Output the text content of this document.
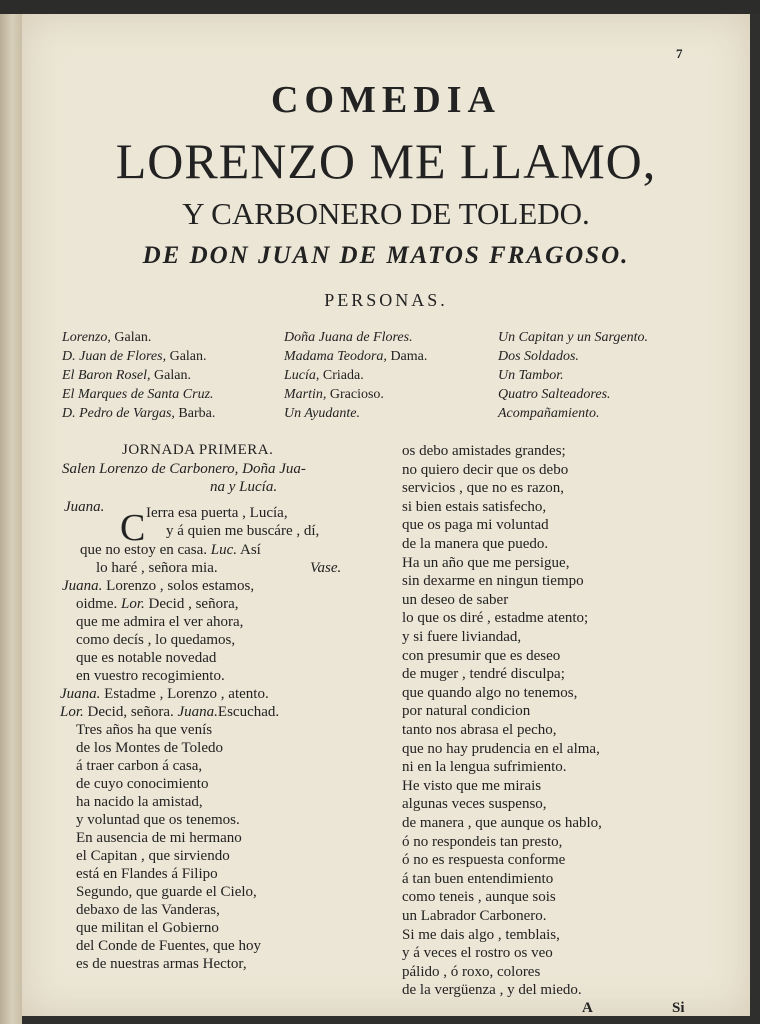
7
COMEDIA
LORENZO ME LLAMO,
Y CARBONERO DE TOLEDO.
DE DON JUAN DE MATOS FRAGOSO.
PERSONAS.
Lorenzo, Galan.
D. Juan de Flores, Galan.
El Baron Rosel, Galan.
El Marques de Santa Cruz.
D. Pedro de Vargas, Barba.
Doña Juana de Flores.
Madama Teodora, Dama.
Lucía, Criada.
Martin, Gracioso.
Un Ayudante.
Un Capitan y un Sargento.
Dos Soldados.
Un Tambor.
Quatro Salteadores.
Acompañamiento.
JORNADA PRIMERA.
Salen Lorenzo de Carbonero, Doña Jua-
na y Lucía.
Juana. C Ierra esa puerta , Lucía,
y á quien me buscáre , dí,
que no estoy en casa. Luc. Así
lo haré , señora mia.	Vase.
Juana. Lorenzo , solos estamos,
oidme. Lor. Decid , señora,
que me admira el ver ahora,
como decís , lo quedamos,
que es notable novedad
en vuestro recogimiento.
Juana. Estadme , Lorenzo , atento.
Lor. Decid, señora. Juana.Escuchad.
Tres años ha que venís
de los Montes de Toledo
á traer carbon á casa,
de cuyo conocimiento
ha nacido la amistad,
y voluntad que os tenemos.
En ausencia de mi hermano
el Capitan , que sirviendo
está en Flandes á Filipo
Segundo, que guarde el Cielo,
debaxo de las Vanderas,
que militan el Gobierno
del Conde de Fuentes, que hoy
es de nuestras armas Hector,
os debo amistades grandes;
no quiero decir que os debo
servicios , que no es razon,
si bien estais satisfecho,
que os paga mi voluntad
de la manera que puedo.
Ha un año que me persigue,
sin dexarme en ningun tiempo
un deseo de saber
lo que os diré , estadme atento;
y si fuere liviandad,
con presumir que es deseo
de muger , tendré disculpa;
que quando algo no tenemos,
por natural condicion
tanto nos abrasa el pecho,
que no hay prudencia en el alma,
ni en la lengua sufrimiento.
He visto que me mirais
algunas veces suspenso,
de manera , que aunque os hablo,
ó no respondeis tan presto,
ó no es respuesta conforme
á tan buen entendimiento
como teneis , aunque sois
un Labrador Carbonero.
Si me dais algo , temblais,
y á veces el rostro os veo
pálido , ó roxo, colores
de la vergüenza , y del miedo.
A	Si
